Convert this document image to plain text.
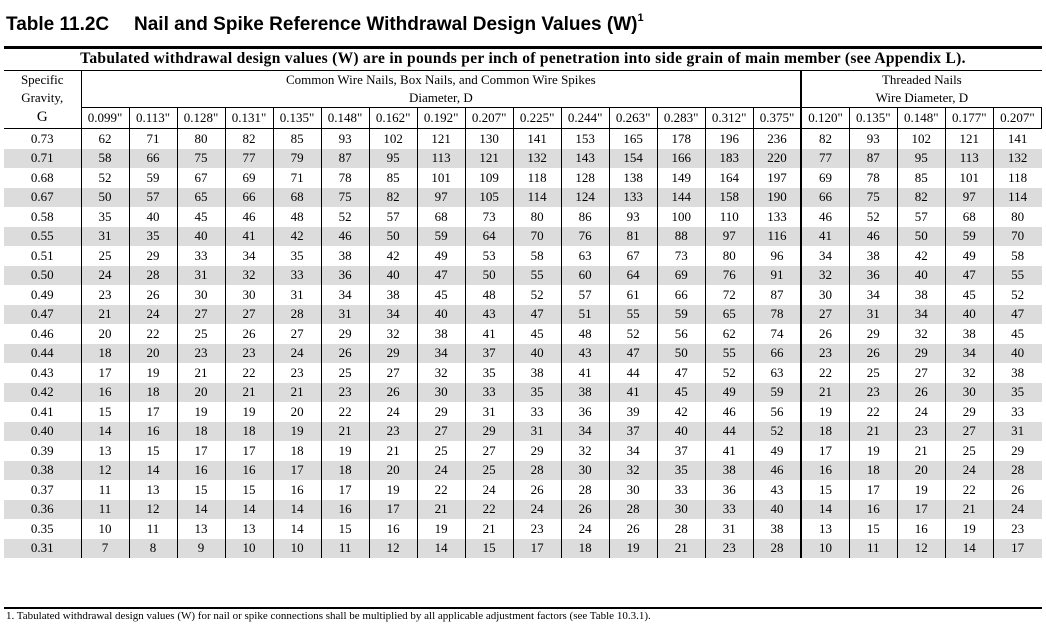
Table 11.2C Nail and Spike Reference Withdrawal Design Values $(W)^1$
Tabulated withdrawal design values (W) are in pounds per inch of penetration into side grain of main member (see Appendix L).
Specific
Gravity,	Common Wire Nails, Box Nails, and Common Wire Spikes															Threaded Nails				
	Diameter, D															Wire Diameter, D				
G	0.099"	0.113"	0.128"	0.131"	0.135"	0.148"	0.162"	0.192"	0.207"	0.225"	0.244"	0.263"	0.283"	0.312"	0.375"	0.120"	0.135"	0.148"	0.177"	0.207"
0.73	62	71	80	82	85	93	102	121	130	141	153	165	178	196	236	82	93	102	121	141
0.71	58	66	75	77	79	87	95	113	121	132	143	154	166	183	220	77	87	95	113	132
0.68	52	59	67	69	71	78	85	101	109	118	128	138	149	164	197	69	78	85	101	118
0.67	50	57	65	66	68	75	82	97	105	114	124	133	144	158	190	66	75	82	97	114
0.58	35	40	45	46	48	52	57	68	73	80	86	93	100	110	133	46	52	57	68	80
0.55	31	35	40	41	42	46	50	59	64	70	76	81	88	97	116	41	46	50	59	70
0.51	25	29	33	34	35	38	42	49	53	58	63	67	73	80	96	34	38	42	49	58
0.50	24	28	31	32	33	36	40	47	50	55	60	64	69	76	91	32	36	40	47	55
0.49	23	26	30	30	31	34	38	45	48	52	57	61	66	72	87	30	34	38	45	52
0.47	21	24	27	27	28	31	34	40	43	47	51	55	59	65	78	27	31	34	40	47
0.46	20	22	25	26	27	29	32	38	41	45	48	52	56	62	74	26	29	32	38	45
0.44	18	20	23	23	24	26	29	34	37	40	43	47	50	55	66	23	26	29	34	40
0.43	17	19	21	22	23	25	27	32	35	38	41	44	47	52	63	22	25	27	32	38
0.42	16	18	20	21	21	23	26	30	33	35	38	41	45	49	59	21	23	26	30	35
0.41	15	17	19	19	20	22	24	29	31	33	36	39	42	46	56	19	22	24	29	33
0.40	14	16	18	18	19	21	23	27	29	31	34	37	40	44	52	18	21	23	27	31
0.39	13	15	17	17	18	19	21	25	27	29	32	34	37	41	49	17	19	21	25	29
0.38	12	14	16	16	17	18	20	24	25	28	30	32	35	38	46	16	18	20	24	28
0.37	11	13	15	15	16	17	19	22	24	26	28	30	33	36	43	15	17	19	22	26
0.36	11	12	14	14	14	16	17	21	22	24	26	28	30	33	40	14	16	17	21	24
0.35	10	11	13	13	14	15	16	19	21	23	24	26	28	31	38	13	15	16	19	23
0.31	7	8	9	10	10	11	12	14	15	17	18	19	21	23	28	10	11	12	14	17
1. Tabulated withdrawal design values (W) for nail or spike connections shall be multiplied by all applicable adjustment factors (see Table 10.3.1).
